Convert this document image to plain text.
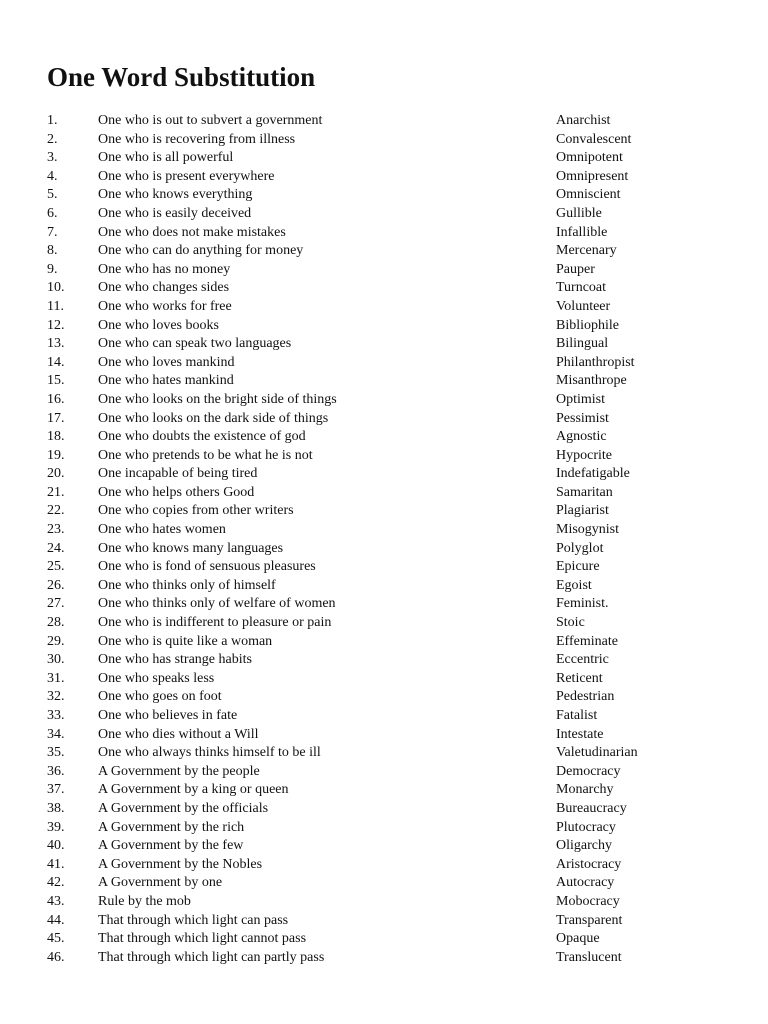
One Word Substitution
1.	One who is out to subvert a government	Anarchist
2.	One who is recovering from illness	Convalescent
3.	One who is all powerful	Omnipotent
4.	One who is present everywhere	Omnipresent
5.	One who knows everything	Omniscient
6.	One who is easily deceived	Gullible
7.	One who does not make mistakes	Infallible
8.	One who can do anything for money	Mercenary
9.	One who has no money	Pauper
10. One who changes sides	Turncoat
11. One who works for free	Volunteer
12. One who loves books	Bibliophile
13. One who can speak two languages	Bilingual
14. One who loves mankind	Philanthropist
15. One who hates mankind	Misanthrope
16. One who looks on the bright side of things	Optimist
17. One who looks on the dark side of things	Pessimist
18. One who doubts the existence of god	Agnostic
19. One who pretends to be what he is not	Hypocrite
20. One incapable of being tired	Indefatigable
21. One who helps others Good	Samaritan
22. One who copies from other writers	Plagiarist
23. One who hates women	Misogynist
24. One who knows many languages	Polyglot
25. One who is fond of sensuous pleasures	Epicure
26. One who thinks only of himself	Egoist
27. One who thinks only of welfare of women	Feminist.
28. One who is indifferent to pleasure or pain	Stoic
29. One who is quite like a woman	Effeminate
30. One who has strange habits	Eccentric
31. One who speaks less	Reticent
32. One who goes on foot	Pedestrian
33. One who believes in fate	Fatalist
34. One who dies without a Will	Intestate
35. One who always thinks himself to be ill	Valetudinarian
36. A Government by the people	Democracy
37. A Government by a king or queen	Monarchy
38. A Government by the officials	Bureaucracy
39. A Government by the rich	Plutocracy
40. A Government by the few	Oligarchy
41. A Government by the Nobles	Aristocracy
42. A Government by one	Autocracy
43. Rule by the mob	Mobocracy
44. That through which light can pass	Transparent
45. That through which light cannot pass	Opaque
46. That through which light can partly pass	Translucent
